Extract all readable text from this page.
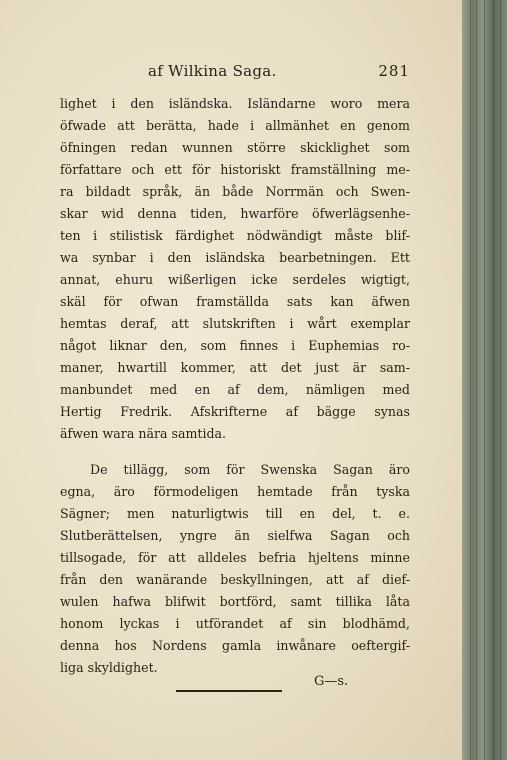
af Wilkina Saga.	281
lighet i den isländska. Isländarne woro mera
öfwade att berätta, hade i allmänhet en genom
öfningen redan wunnen större skicklighet som
författare och ett för historiskt framställning me-
ra bildadt språk, än både Norrmän och Swen-
skar wid denna tiden, hwarföre öfwerlägsenhe-
ten i stilistisk färdighet nödwändigt måste blif-
wa synbar i den isländska bearbetningen. Ett
annat, ehuru wißerligen icke serdeles wigtigt,
skäl för ofwan framställda sats kan äfwen
hemtas deraf, att slutskriften i wårt exemplar
något liknar den, som finnes i Euphemias ro-
maner, hwartill kommer, att det just är sam-
manbundet med en af dem, nämligen med
Hertig Fredrik. Afskrifterne af bägge synas
äfwen wara nära samtida.
De tillägg, som för Swenska Sagan äro
egna, äro förmodeligen hemtade från tyska
Sägner; men naturligtwis till en del, t. e.
Slutberättelsen, yngre än sielfwa Sagan och
tillsogade, för att alldeles befria hjeltens minne
från den wanärande beskyllningen, att af dief-
wulen hafwa blifwit bortförd, samt tillika låta
honom lyckas i utförandet af sin blodhämd,
denna hos Nordens gamla inwånare oeftergif-
liga skyldighet.
G—s.
